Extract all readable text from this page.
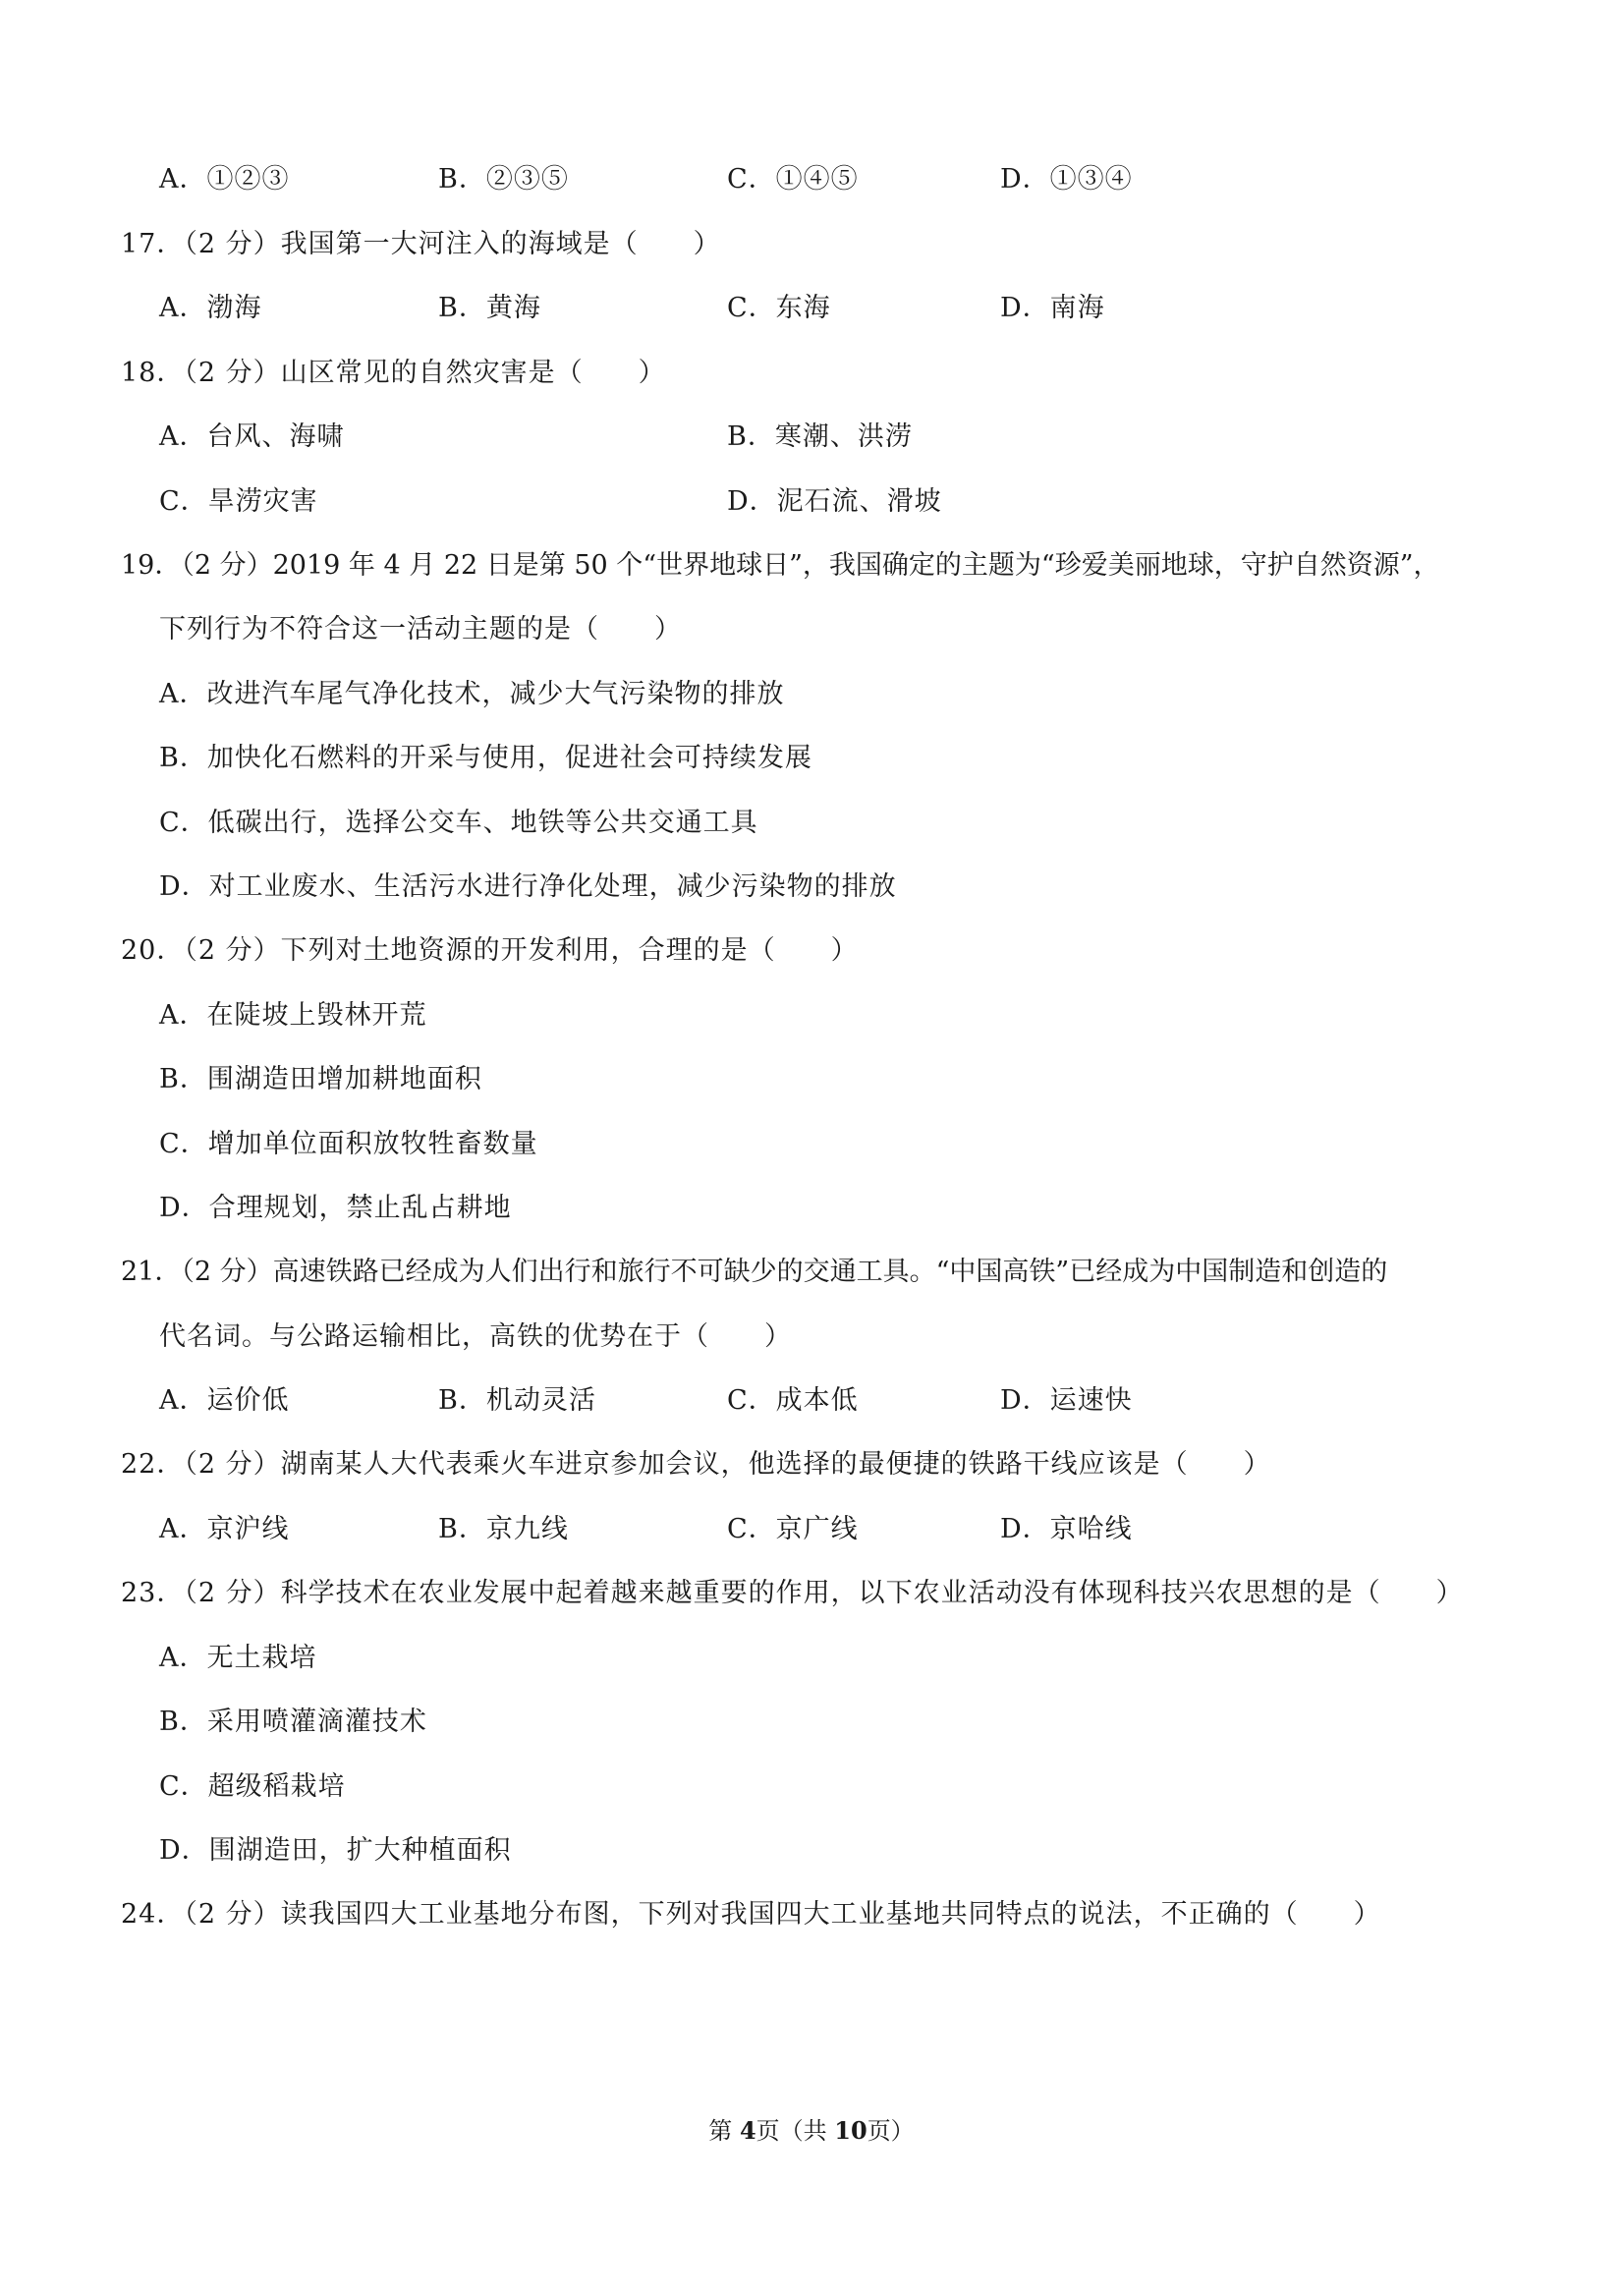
A．①②③	B．②③⑤	C．①④⑤	D．①③④
17．（2 分）我国第一大河注入的海域是（　　）
A．渤海	B．黄海	C．东海	D．南海
18．（2 分）山区常见的自然灾害是（　　）
A．台风、海啸	B．寒潮、洪涝
C．旱涝灾害	D．泥石流、滑坡
19．（2 分）2019 年 4 月 22 日是第 50 个“世界地球日”，我国确定的主题为“珍爱美丽地球，守护自然资源”，
下列行为不符合这一活动主题的是（　　）
A．改进汽车尾气净化技术，减少大气污染物的排放
B．加快化石燃料的开采与使用，促进社会可持续发展
C．低碳出行，选择公交车、地铁等公共交通工具
D．对工业废水、生活污水进行净化处理，减少污染物的排放
20．（2 分）下列对土地资源的开发利用，合理的是（　　）
A．在陡坡上毁林开荒
B．围湖造田增加耕地面积
C．增加单位面积放牧牲畜数量
D．合理规划，禁止乱占耕地
21．（2 分）高速铁路已经成为人们出行和旅行不可缺少的交通工具。“中国高铁”已经成为中国制造和创造的
代名词。与公路运输相比，高铁的优势在于（　　）
A．运价低	B．机动灵活	C．成本低	D．运速快
22．（2 分）湖南某人大代表乘火车进京参加会议，他选择的最便捷的铁路干线应该是（　　）
A．京沪线	B．京九线	C．京广线	D．京哈线
23．（2 分）科学技术在农业发展中起着越来越重要的作用，以下农业活动没有体现科技兴农思想的是（　　）
A．无土栽培
B．采用喷灌滴灌技术
C．超级稻栽培
D．围湖造田，扩大种植面积
24．（2 分）读我国四大工业基地分布图，下列对我国四大工业基地共同特点的说法，不正确的（　　）
第 4页（共 10页）
